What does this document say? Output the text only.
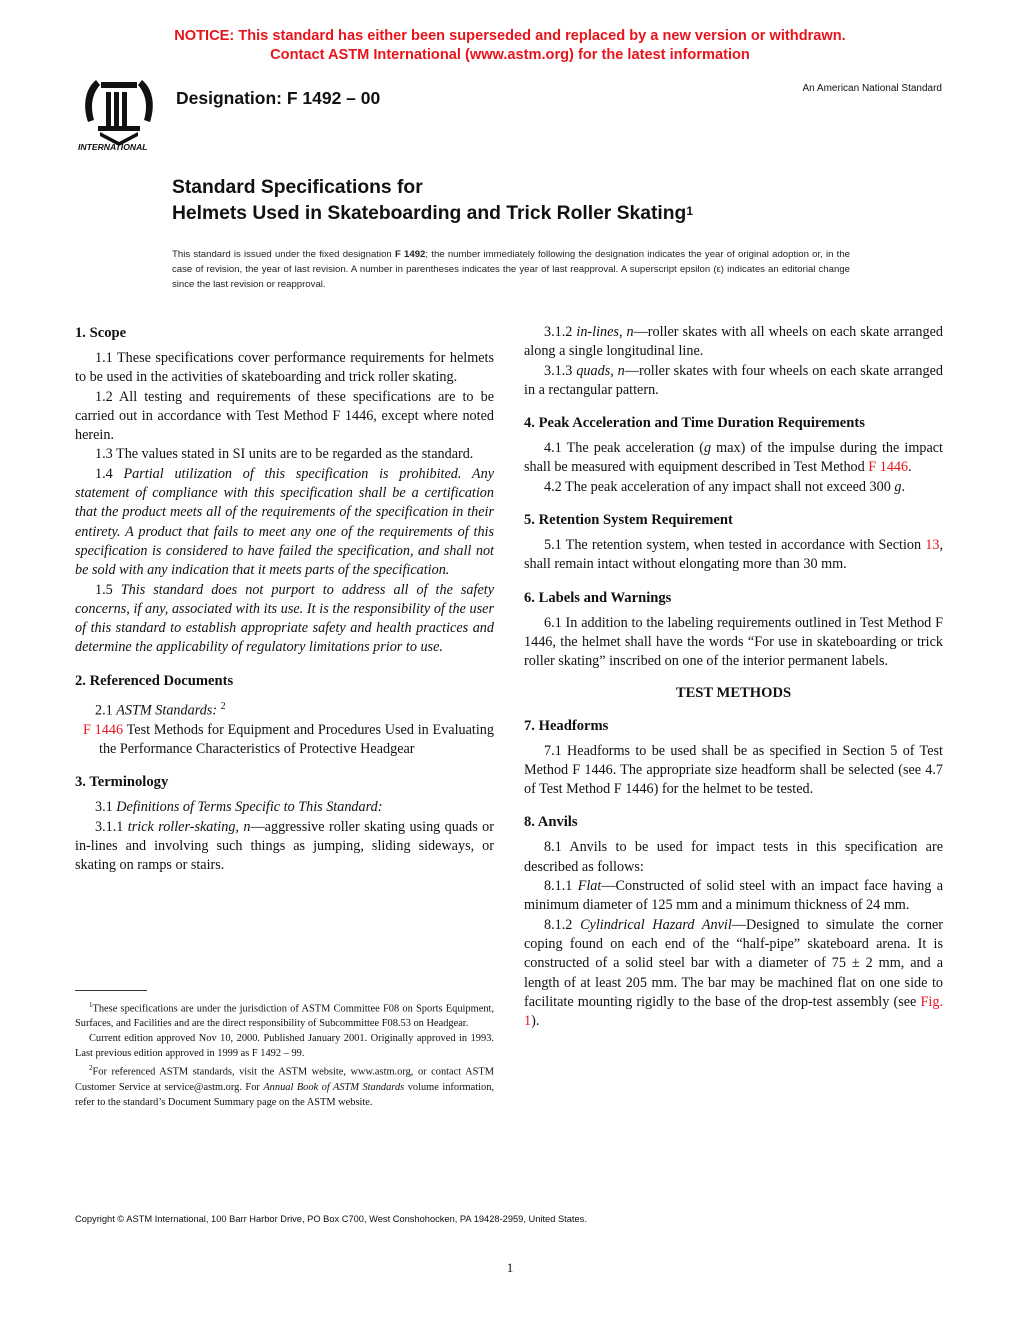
NOTICE: This standard has either been superseded and replaced by a new version or withdrawn.
Contact ASTM International (www.astm.org) for the latest information
INTERNATIONAL
Designation: F 1492 – 00	An American National Standard
Standard Specifications for
Helmets Used in Skateboarding and Trick Roller Skating$^1$
This standard is issued under the fixed designation F 1492; the number immediately following the designation indicates the year of original adoption or, in the case of revision, the year of last revision. A number in parentheses indicates the year of last reapproval. A superscript epsilon (ε) indicates an editorial change since the last revision or reapproval.
1. Scope

1.1 These specifications cover performance requirements for helmets to be used in the activities of skateboarding and trick roller skating.

1.2 All testing and requirements of these specifications are to be carried out in accordance with Test Method F 1446, except where noted herein.

1.3 The values stated in SI units are to be regarded as the standard.

1.4 Partial utilization of this specification is prohibited. Any statement of compliance with this specification shall be a certification that the product meets all of the requirements of the specification in their entirety. A product that fails to meet any one of the requirements of this specification is considered to have failed the specification, and shall not be sold with any indication that it meets parts of the specification.

1.5 This standard does not purport to address all of the safety concerns, if any, associated with its use. It is the responsibility of the user of this standard to establish appropriate safety and health practices and determine the applicability of regulatory limitations prior to use.

2. Referenced Documents

2.1 ASTM Standards: $^2$

F 1446 Test Methods for Equipment and Procedures Used in Evaluating the Performance Characteristics of Protective Headgear

3. Terminology

3.1 Definitions of Terms Specific to This Standard:

3.1.1 trick roller-skating, n—aggressive roller skating using quads or in-lines and involving such things as jumping, sliding sideways, or skating on ramps or stairs.

3.1.2 in-lines, n—roller skates with all wheels on each skate arranged along a single longitudinal line.

3.1.3 quads, n—roller skates with four wheels on each skate arranged in a rectangular pattern.

4. Peak Acceleration and Time Duration Requirements

4.1 The peak acceleration (g max) of the impulse during the impact shall be measured with equipment described in Test Method F 1446.

4.2 The peak acceleration of any impact shall not exceed 300 g.

5. Retention System Requirement

5.1 The retention system, when tested in accordance with Section 13, shall remain intact without elongating more than 30 mm.

6. Labels and Warnings

6.1 In addition to the labeling requirements outlined in Test Method F 1446, the helmet shall have the words “For use in skateboarding or trick roller skating” inscribed on one of the interior permanent labels.

TEST METHODS
7. Headforms

7.1 Headforms to be used shall be as specified in Section 5 of Test Method F 1446. The appropriate size headform shall be selected (see 4.7 of Test Method F 1446) for the helmet to be tested.

8. Anvils

8.1 Anvils to be used for impact tests in this specification are described as follows:

8.1.1 Flat—Constructed of solid steel with an impact face having a minimum diameter of 125 mm and a minimum thickness of 24 mm.

8.1.2 Cylindrical Hazard Anvil—Designed to simulate the corner coping found on each end of the “half-pipe” skateboard arena. It is constructed of a solid steel bar with a diameter of 75 ± 2 mm, and a length of at least 205 mm. The bar may be machined flat on one side to facilitate mounting rigidly to the base of the drop-test assembly (see Fig. 1).

$^1$These specifications are under the jurisdiction of ASTM Committee F08 on Sports Equipment, Surfaces, and Facilities and are the direct responsibility of Subcommittee F08.53 on Headgear.

Current edition approved Nov 10, 2000. Published January 2001. Originally approved in 1993. Last previous edition approved in 1999 as F 1492 – 99.

$^2$For referenced ASTM standards, visit the ASTM website, www.astm.org, or contact ASTM Customer Service at service@astm.org. For Annual Book of ASTM Standards volume information, refer to the standard’s Document Summary page on the ASTM website.

Copyright © ASTM International, 100 Barr Harbor Drive, PO Box C700, West Conshohocken, PA 19428-2959, United States.
1
